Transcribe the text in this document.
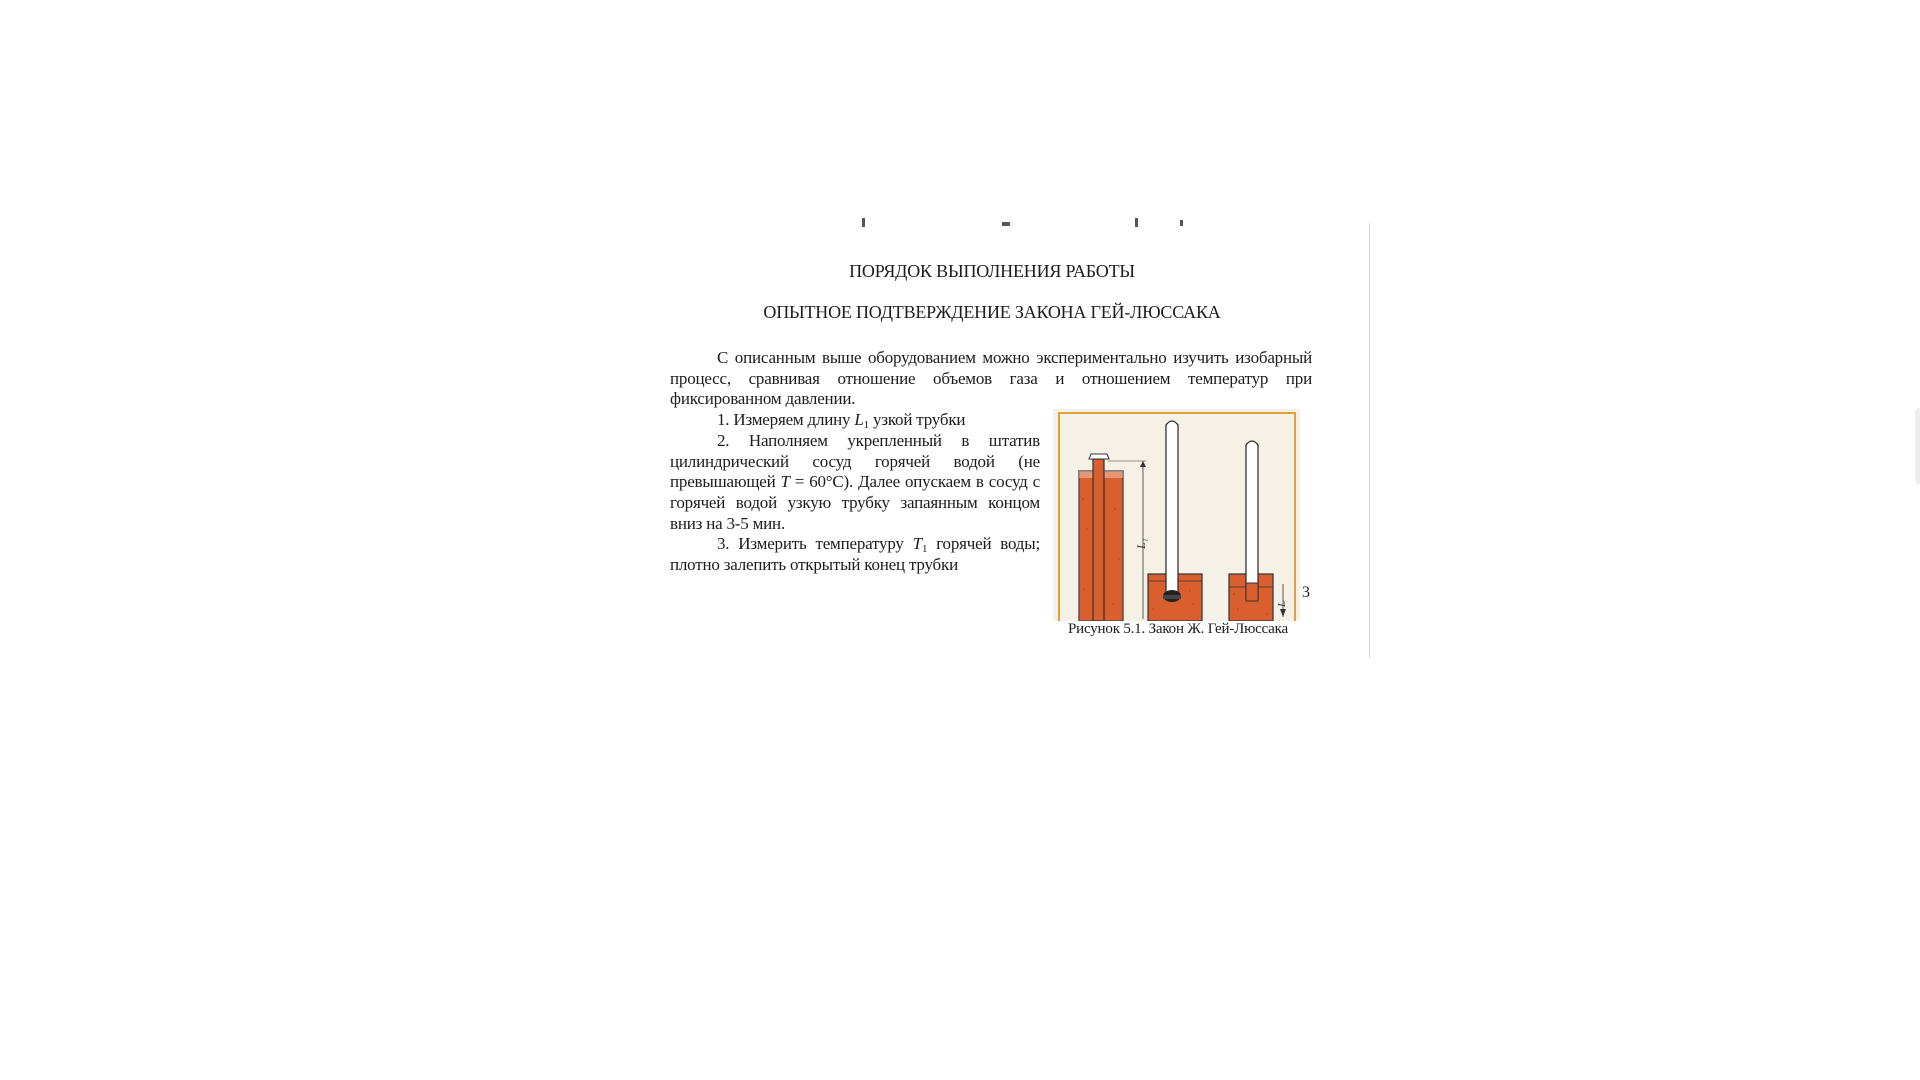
ПОРЯДОК ВЫПОЛНЕНИЯ РАБОТЫ
ОПЫТНОЕ ПОДТВЕРЖДЕНИЕ ЗАКОНА ГЕЙ-ЛЮССАКА
С описанным выше оборудованием можно экспериментально изучить изобарный процесс, сравнивая отношение объемов газа и отношением температур при фиксированном давлении.
1. Измеряем длину $L_1$ узкой трубки
2. Наполняем укрепленный в штатив цилиндрический сосуд горячей водой (не превышающей T = 60°C). Далее опускаем в сосуд с горячей водой узкую трубку запаянным концом вниз на 3-5 мин.
3. Измерить температуру $T_1$ горячей воды; плотно залепить открытый конец трубки
L₁
L
3
Рисунок 5.1. Закон Ж. Гей-Люссака
